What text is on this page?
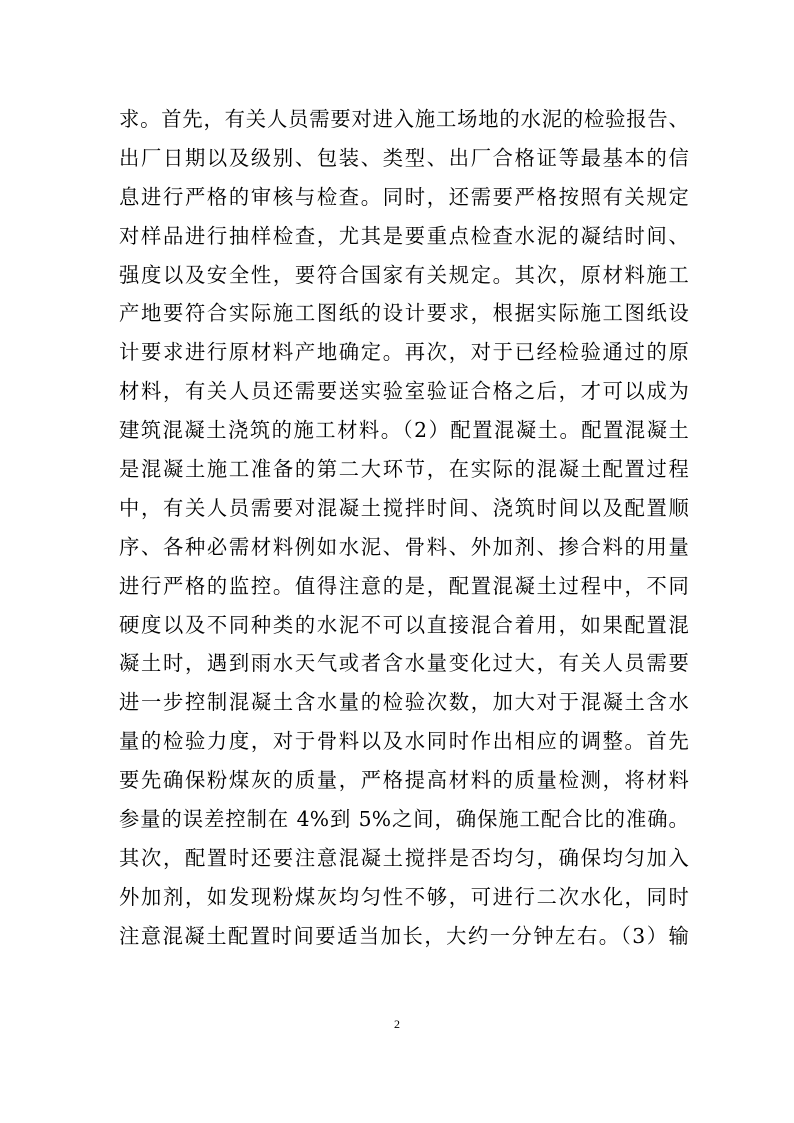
求。首先，有关人员需要对进入施工场地的水泥的检验报告、
出厂日期以及级别、包装、类型、出厂合格证等最基本的信
息进行严格的审核与检查。同时，还需要严格按照有关规定
对样品进行抽样检查，尤其是要重点检查水泥的凝结时间、
强度以及安全性，要符合国家有关规定。其次，原材料施工
产地要符合实际施工图纸的设计要求，根据实际施工图纸设
计要求进行原材料产地确定。再次，对于已经检验通过的原
材料，有关人员还需要送实验室验证合格之后，才可以成为
建筑混凝土浇筑的施工材料。（2）配置混凝土。配置混凝土
是混凝土施工准备的第二大环节，在实际的混凝土配置过程
中，有关人员需要对混凝土搅拌时间、浇筑时间以及配置顺
序、各种必需材料例如水泥、骨料、外加剂、掺合料的用量
进行严格的监控。值得注意的是，配置混凝土过程中，不同
硬度以及不同种类的水泥不可以直接混合着用，如果配置混
凝土时，遇到雨水天气或者含水量变化过大，有关人员需要
进一步控制混凝土含水量的检验次数，加大对于混凝土含水
量的检验力度，对于骨料以及水同时作出相应的调整。首先
要先确保粉煤灰的质量，严格提高材料的质量检测，将材料
参量的误差控制在 4%到 5%之间，确保施工配合比的准确。
其次，配置时还要注意混凝土搅拌是否均匀，确保均匀加入
外加剂，如发现粉煤灰均匀性不够，可进行二次水化，同时
注意混凝土配置时间要适当加长，大约一分钟左右。（3）输
2
